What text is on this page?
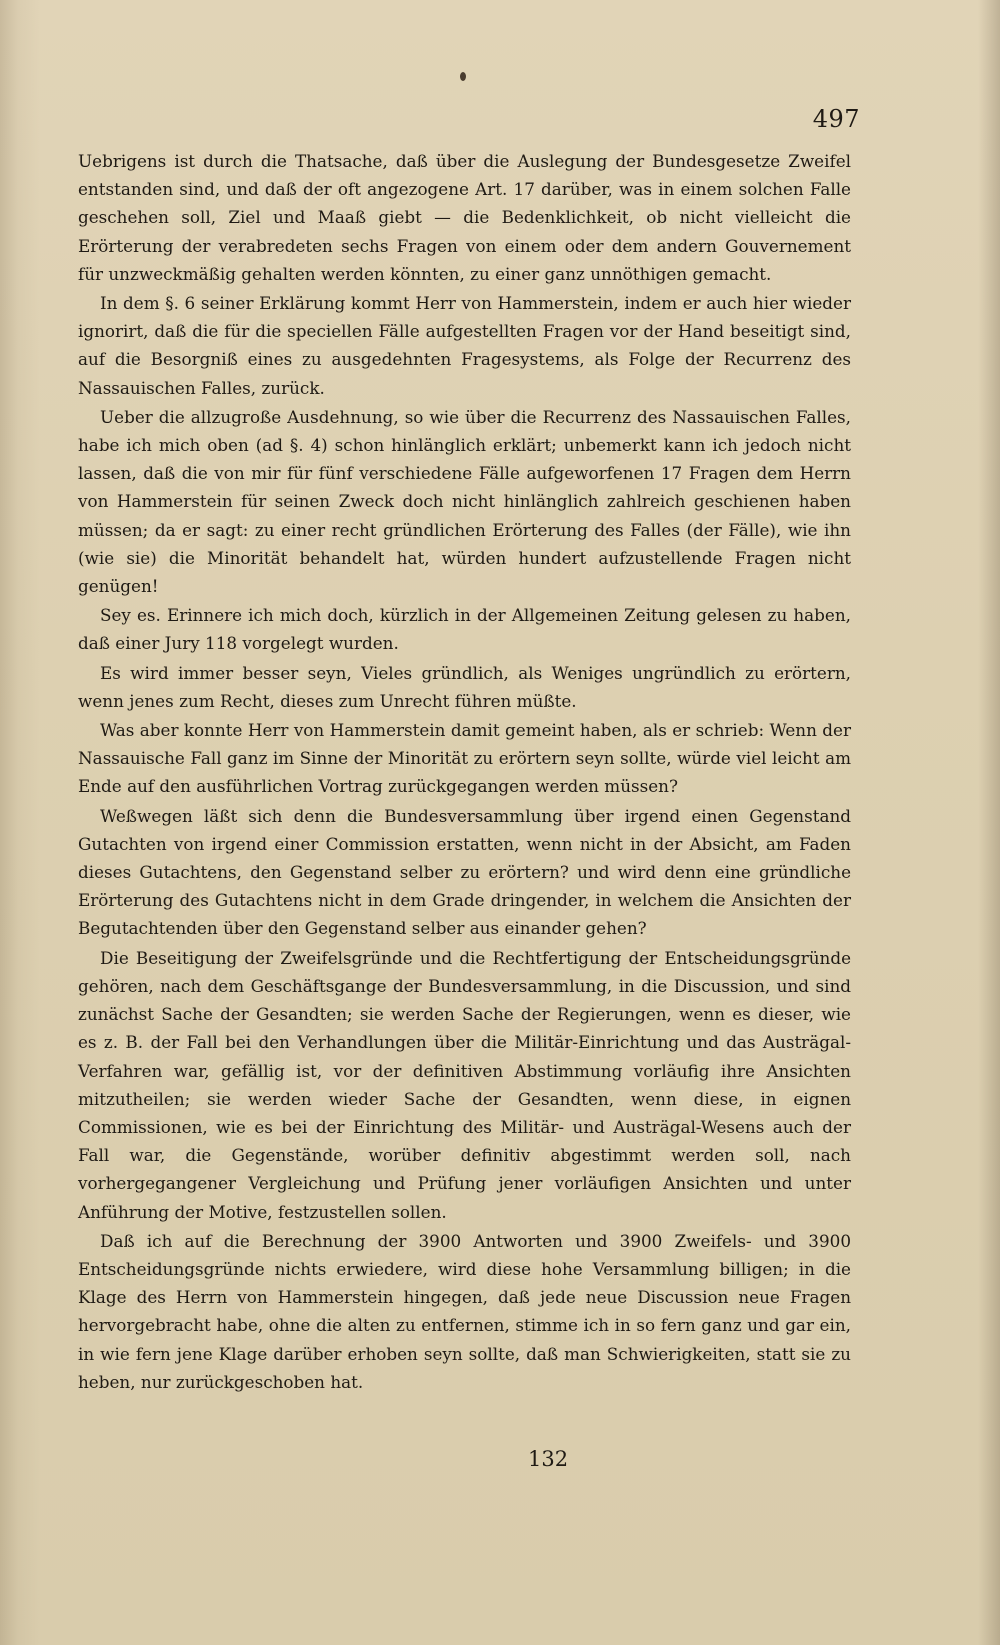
497

Uebrigens ist durch die Thatsache, daß über die Auslegung der Bundesgesetze Zweifel entstanden sind, und daß der oft angezogene Art. 17 darüber, was in einem solchen Falle geschehen soll, Ziel und Maaß giebt — die Bedenklichkeit, ob nicht vielleicht die Erörterung der verabredeten sechs Fragen von einem oder dem andern Gouvernement für unzweckmäßig gehalten werden könnten, zu einer ganz unnöthigen gemacht.

In dem §. 6 seiner Erklärung kommt Herr von Hammerstein, indem er auch hier wieder ignorirt, daß die für die speciellen Fälle aufgestellten Fragen vor der Hand beseitigt sind, auf die Besorgniß eines zu ausgedehnten Fragesystems, als Folge der Recurrenz des Nassauischen Falles, zurück.

Ueber die allzugroße Ausdehnung, so wie über die Recurrenz des Nassauischen Falles, habe ich mich oben (ad §. 4) schon hinlänglich erklärt; unbemerkt kann ich jedoch nicht lassen, daß die von mir für fünf verschiedene Fälle aufgeworfenen 17 Fragen dem Herrn von Hammerstein für seinen Zweck doch nicht hinlänglich zahlreich geschienen haben müssen; da er sagt: zu einer recht gründlichen Erörterung des Falles (der Fälle), wie ihn (wie sie) die Minorität behandelt hat, würden hundert aufzustellende Fragen nicht genügen!

Sey es. Erinnere ich mich doch, kürzlich in der Allgemeinen Zeitung gelesen zu haben, daß einer Jury 118 vorgelegt wurden.

Es wird immer besser seyn, Vieles gründlich, als Weniges ungründlich zu erörtern, wenn jenes zum Recht, dieses zum Unrecht führen müßte.

Was aber konnte Herr von Hammerstein damit gemeint haben, als er schrieb: Wenn der Nassauische Fall ganz im Sinne der Minorität zu erörtern seyn sollte, würde viel leicht am Ende auf den ausführlichen Vortrag zurückgegangen werden müssen?

Weßwegen läßt sich denn die Bundesversammlung über irgend einen Gegenstand Gutachten von irgend einer Commission erstatten, wenn nicht in der Absicht, am Faden dieses Gutachtens, den Gegenstand selber zu erörtern? und wird denn eine gründliche Erörterung des Gutachtens nicht in dem Grade dringender, in welchem die Ansichten der Begutachtenden über den Gegenstand selber aus einander gehen?

Die Beseitigung der Zweifelsgründe und die Rechtfertigung der Entscheidungsgründe gehören, nach dem Geschäftsgange der Bundesversammlung, in die Discussion, und sind zunächst Sache der Gesandten; sie werden Sache der Regierungen, wenn es dieser, wie es z. B. der Fall bei den Verhandlungen über die Militär-Einrichtung und das Austrägal-Verfahren war, gefällig ist, vor der definitiven Abstimmung vorläufig ihre Ansichten mitzutheilen; sie werden wieder Sache der Gesandten, wenn diese, in eignen Commissionen, wie es bei der Einrichtung des Militär- und Austrägal-Wesens auch der Fall war, die Gegenstände, worüber definitiv abgestimmt werden soll, nach vorhergegangener Vergleichung und Prüfung jener vorläufigen Ansichten und unter Anführung der Motive, festzustellen sollen.

Daß ich auf die Berechnung der 3900 Antworten und 3900 Zweifels- und 3900 Entscheidungsgründe nichts erwiedere, wird diese hohe Versammlung billigen; in die Klage des Herrn von Hammerstein hingegen, daß jede neue Discussion neue Fragen hervorgebracht habe, ohne die alten zu entfernen, stimme ich in so fern ganz und gar ein, in wie fern jene Klage darüber erhoben seyn sollte, daß man Schwierigkeiten, statt sie zu heben, nur zurückgeschoben hat.

132
